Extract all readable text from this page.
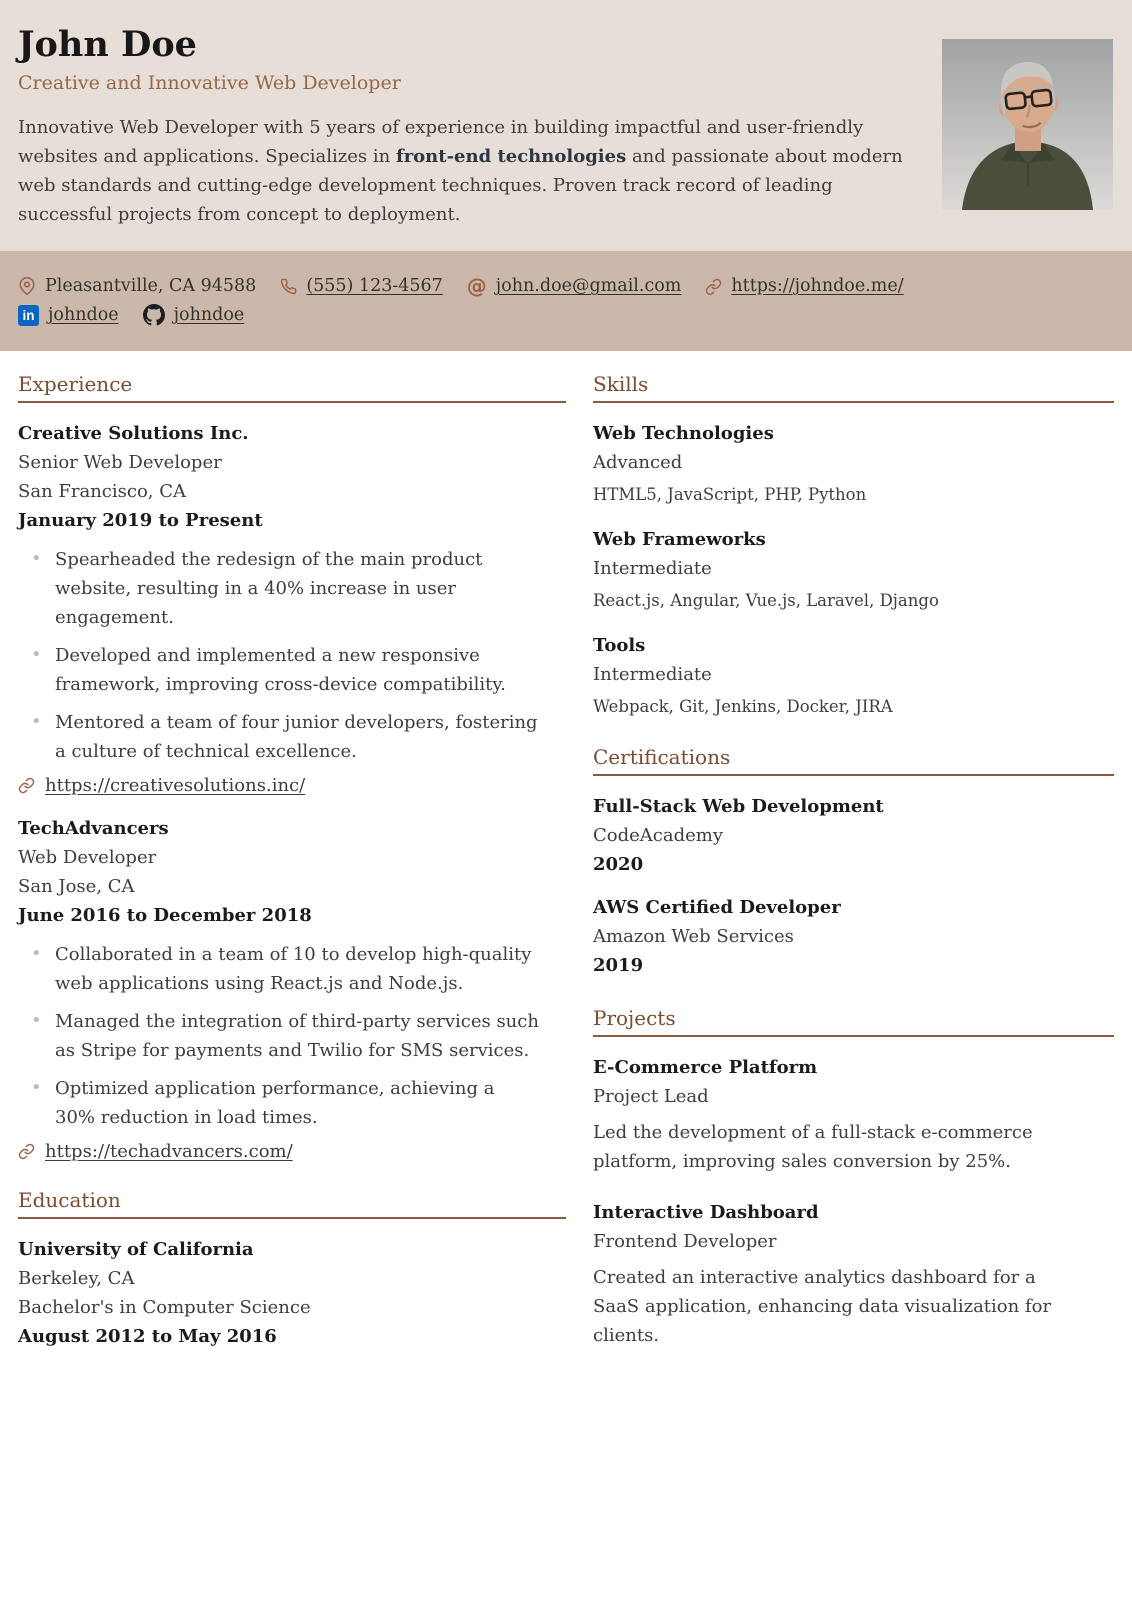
John Doe
Creative and Innovative Web Developer

Innovative Web Developer with 5 years of experience in building impactful and user-friendly websites and applications. Specializes in front-end technologies and passionate about modern web standards and cutting-edge development techniques. Proven track record of leading successful projects from concept to deployment.

Pleasantville, CA 94588	(555) 123-4567 @ john.doe@gmail.com	https://johndoe.me/
in johndoe	johndoe
Experience
Creative Solutions Inc.
Senior Web Developer
San Francisco, CA
January 2019 to Present
• Spearheaded the redesign of the main product website, resulting in a 40% increase in user engagement.
• Developed and implemented a new responsive framework, improving cross-device compatibility.
• Mentored a team of four junior developers, fostering a culture of technical excellence.
https://creativesolutions.inc/
TechAdvancers
Web Developer
San Jose, CA
June 2016 to December 2018
• Collaborated in a team of 10 to develop high-quality web applications using React.js and Node.js.
• Managed the integration of third-party services such as Stripe for payments and Twilio for SMS services.
• Optimized application performance, achieving a 30% reduction in load times.
https://techadvancers.com/
Education
University of California
Berkeley, CA
Bachelor's in Computer Science
August 2012 to May 2016
Skills
Web Technologies
Advanced
HTML5, JavaScript, PHP, Python
Web Frameworks
Intermediate
React.js, Angular, Vue.js, Laravel, Django
Tools
Intermediate
Webpack, Git, Jenkins, Docker, JIRA
Certifications
Full-Stack Web Development
CodeAcademy
2020
AWS Certified Developer
Amazon Web Services
2019
Projects
E-Commerce Platform
Project Lead
Led the development of a full-stack e-commerce platform, improving sales conversion by 25%.
Interactive Dashboard
Frontend Developer
Created an interactive analytics dashboard for a SaaS application, enhancing data visualization for clients.
